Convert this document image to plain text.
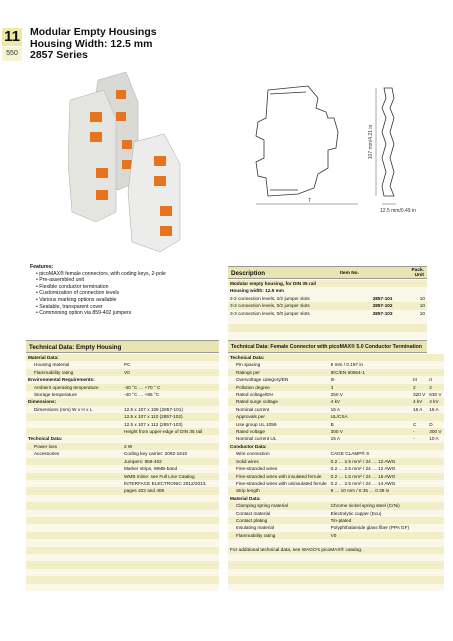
11
550
Modular Empty Housings
Housing Width: 12.5 mm
2857 Series
107 mm/4.21 in
T
12.5 mm/0.49 in
Features:
• picoMAX® female connectors, with coding keys, 2-pole
• Pre-assembled unit
• Flexible conductor termination
• Customization of connection levels
• Various marking options available
• Sealable, transparent cover
• Commoning option via 859-402 jumpers
Description	Item No.
Pack. Unit
Modular empty housing, for DIN 35 rail		
Housing width: 12.5 mm		
2-2 connection levels, 2/2 jumper slots	2857-101	10
3-2 connection levels, 0/2 jumper slots	2857-102	10
3-3 connection levels, 0/0 jumper slots	2857-103	10

Technical Data: Empty Housing
Material Data:	
Housing material	PC
Flammability rating	V0
Environmental Requirements:	
Ambient operating temperature	-40 °C … +70 ° C
Storage temperature	-40 °C … +85 °C
Dimensions:	
Dimensions (mm) W x H x L	12.5 x 107 x 108 (2857-101)
	12.5 x 107 x 110 (2857-102)
	12.5 x 107 x 112 (2857-103)
	Height from upper-edge of DIN 35 rail
Technical Data:	
Power loss	2 W
Accessories	Coding key carrier: 2092-1610
	Jumpers: 859-402
	Marker strips, WMB-band
	WMB Inline: see Full Line Catalog
	INTERFACE ELECTRONIC 2012/2013,
	pages 402 and 408

Technical Data: Female Connector with picoMAX® 5.0 Conductor Termination
Technical Data:			
Pin spacing	5 mm / 0.197 in		
Ratings per	IEC/EN 60664-1		
Overvoltage category/EN	III	III	II
Pollution degree	3	2	2
Rated voltage/EN	250 V	320 V	630 V
Rated surge voltage	4 kV	4 kV	4 kV
Nominal current	16 A	16 A	16 A
Approvals per	UL/CSA		
Use group UL 1059	B	C	D
Rated voltage	300 V	-	300 V
Nominal current UL	15 A	-	10 A
Conductor Data:			
Wire connection	CAGE CLAMP® S		
Solid wires	0.2 … 2.5 mm² / 24 … 12 AWG		
Fine-stranded wires	0.2 … 2.5 mm² / 24 … 12 AWG		
Fine-stranded wires with insulated ferrule	0.2 … 1.5 mm² / 24 … 16 AWG		
Fine-stranded wires with uninsulated ferrule	0.2 … 2.5 mm² / 24 … 14 AWG		
Strip length	9 … 10 mm / 0.35 … 0.39 in		
Material Data:			
Clamping spring material	Chrome nickel spring steel (CrNi)		
Contact material	Electrolytic copper (Ecu)		
Contact plating	Tin-plated		
Insulating material	Polyphthalamide glass fiber (PPA GF)		
Flammability rating	V0		

For additional technical data, see WAGO's picoMAX® catalog.			
